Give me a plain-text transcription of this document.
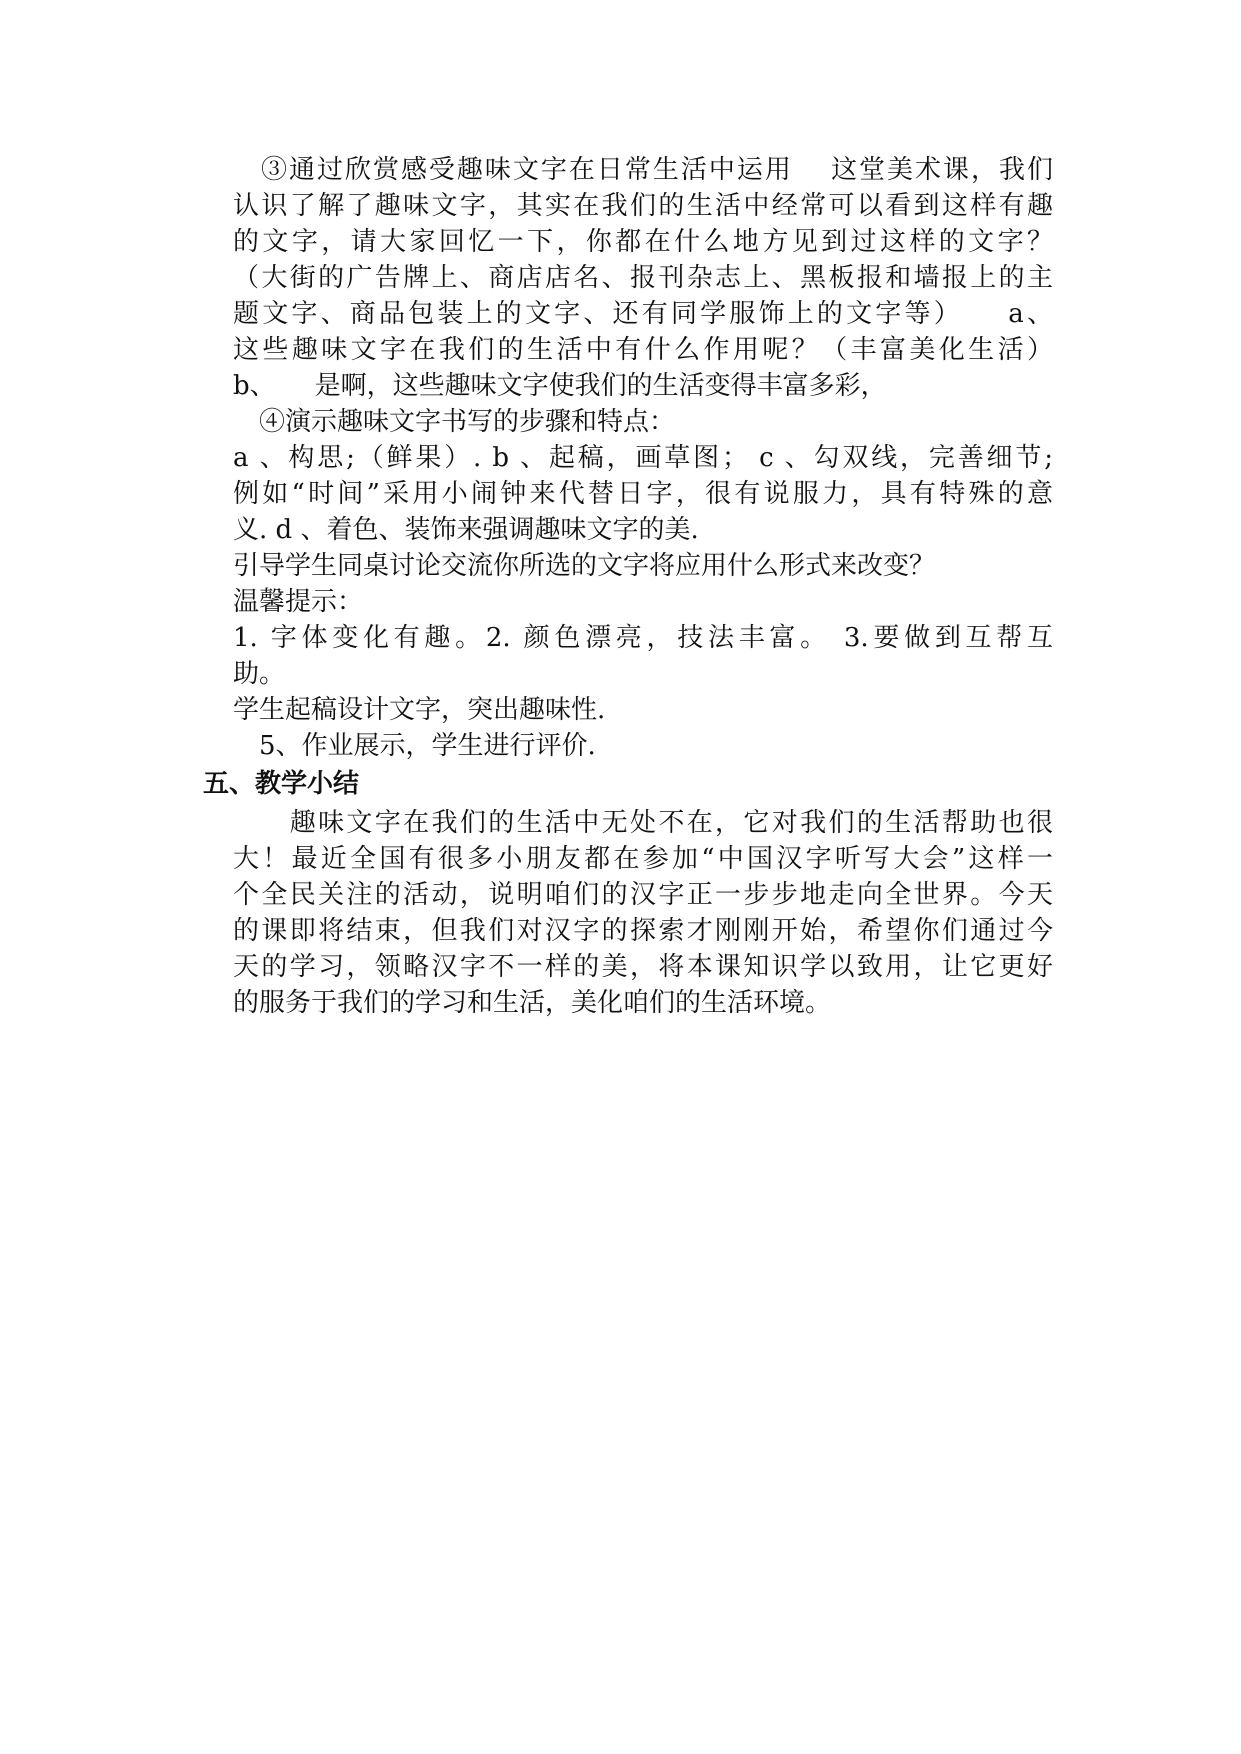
　③通过欣赏感受趣味文字在日常生活中运用　 这堂美术课，我们
认识了解了趣味文字，其实在我们的生活中经常可以看到这样有趣
的文字，请大家回忆一下，你都在什么地方见到过这样的文字？
（大街的广告牌上、商店店名、报刊杂志上、黑板报和墙报上的主
题文字、商品包装上的文字、还有同学服饰上的文字等）　　a、
这些趣味文字在我们的生活中有什么作用呢？（丰富美化生活）
b、　　是啊，这些趣味文字使我们的生活变得丰富多彩，
　④演示趣味文字书写的步骤和特点：
a 、构思;（鲜果）. b 、起稿，画草图； c 、勾双线，完善细节;
例如“时间”采用小闹钟来代替日字，很有说服力，具有特殊的意
义. d 、着色、装饰来强调趣味文字的美.
引导学生同桌讨论交流你所选的文字将应用什么形式来改变？
温馨提示：
1. 字体变化有趣。2. 颜色漂亮，技法丰富。 3.要做到互帮互
助。
学生起稿设计文字，突出趣味性.
　5、作业展示，学生进行评价.
五、教学小结
　　趣味文字在我们的生活中无处不在，它对我们的生活帮助也很
大！最近全国有很多小朋友都在参加“中国汉字听写大会”这样一
个全民关注的活动，说明咱们的汉字正一步步地走向全世界。今天
的课即将结束，但我们对汉字的探索才刚刚开始，希望你们通过今
天的学习，领略汉字不一样的美，将本课知识学以致用，让它更好
的服务于我们的学习和生活，美化咱们的生活环境。
